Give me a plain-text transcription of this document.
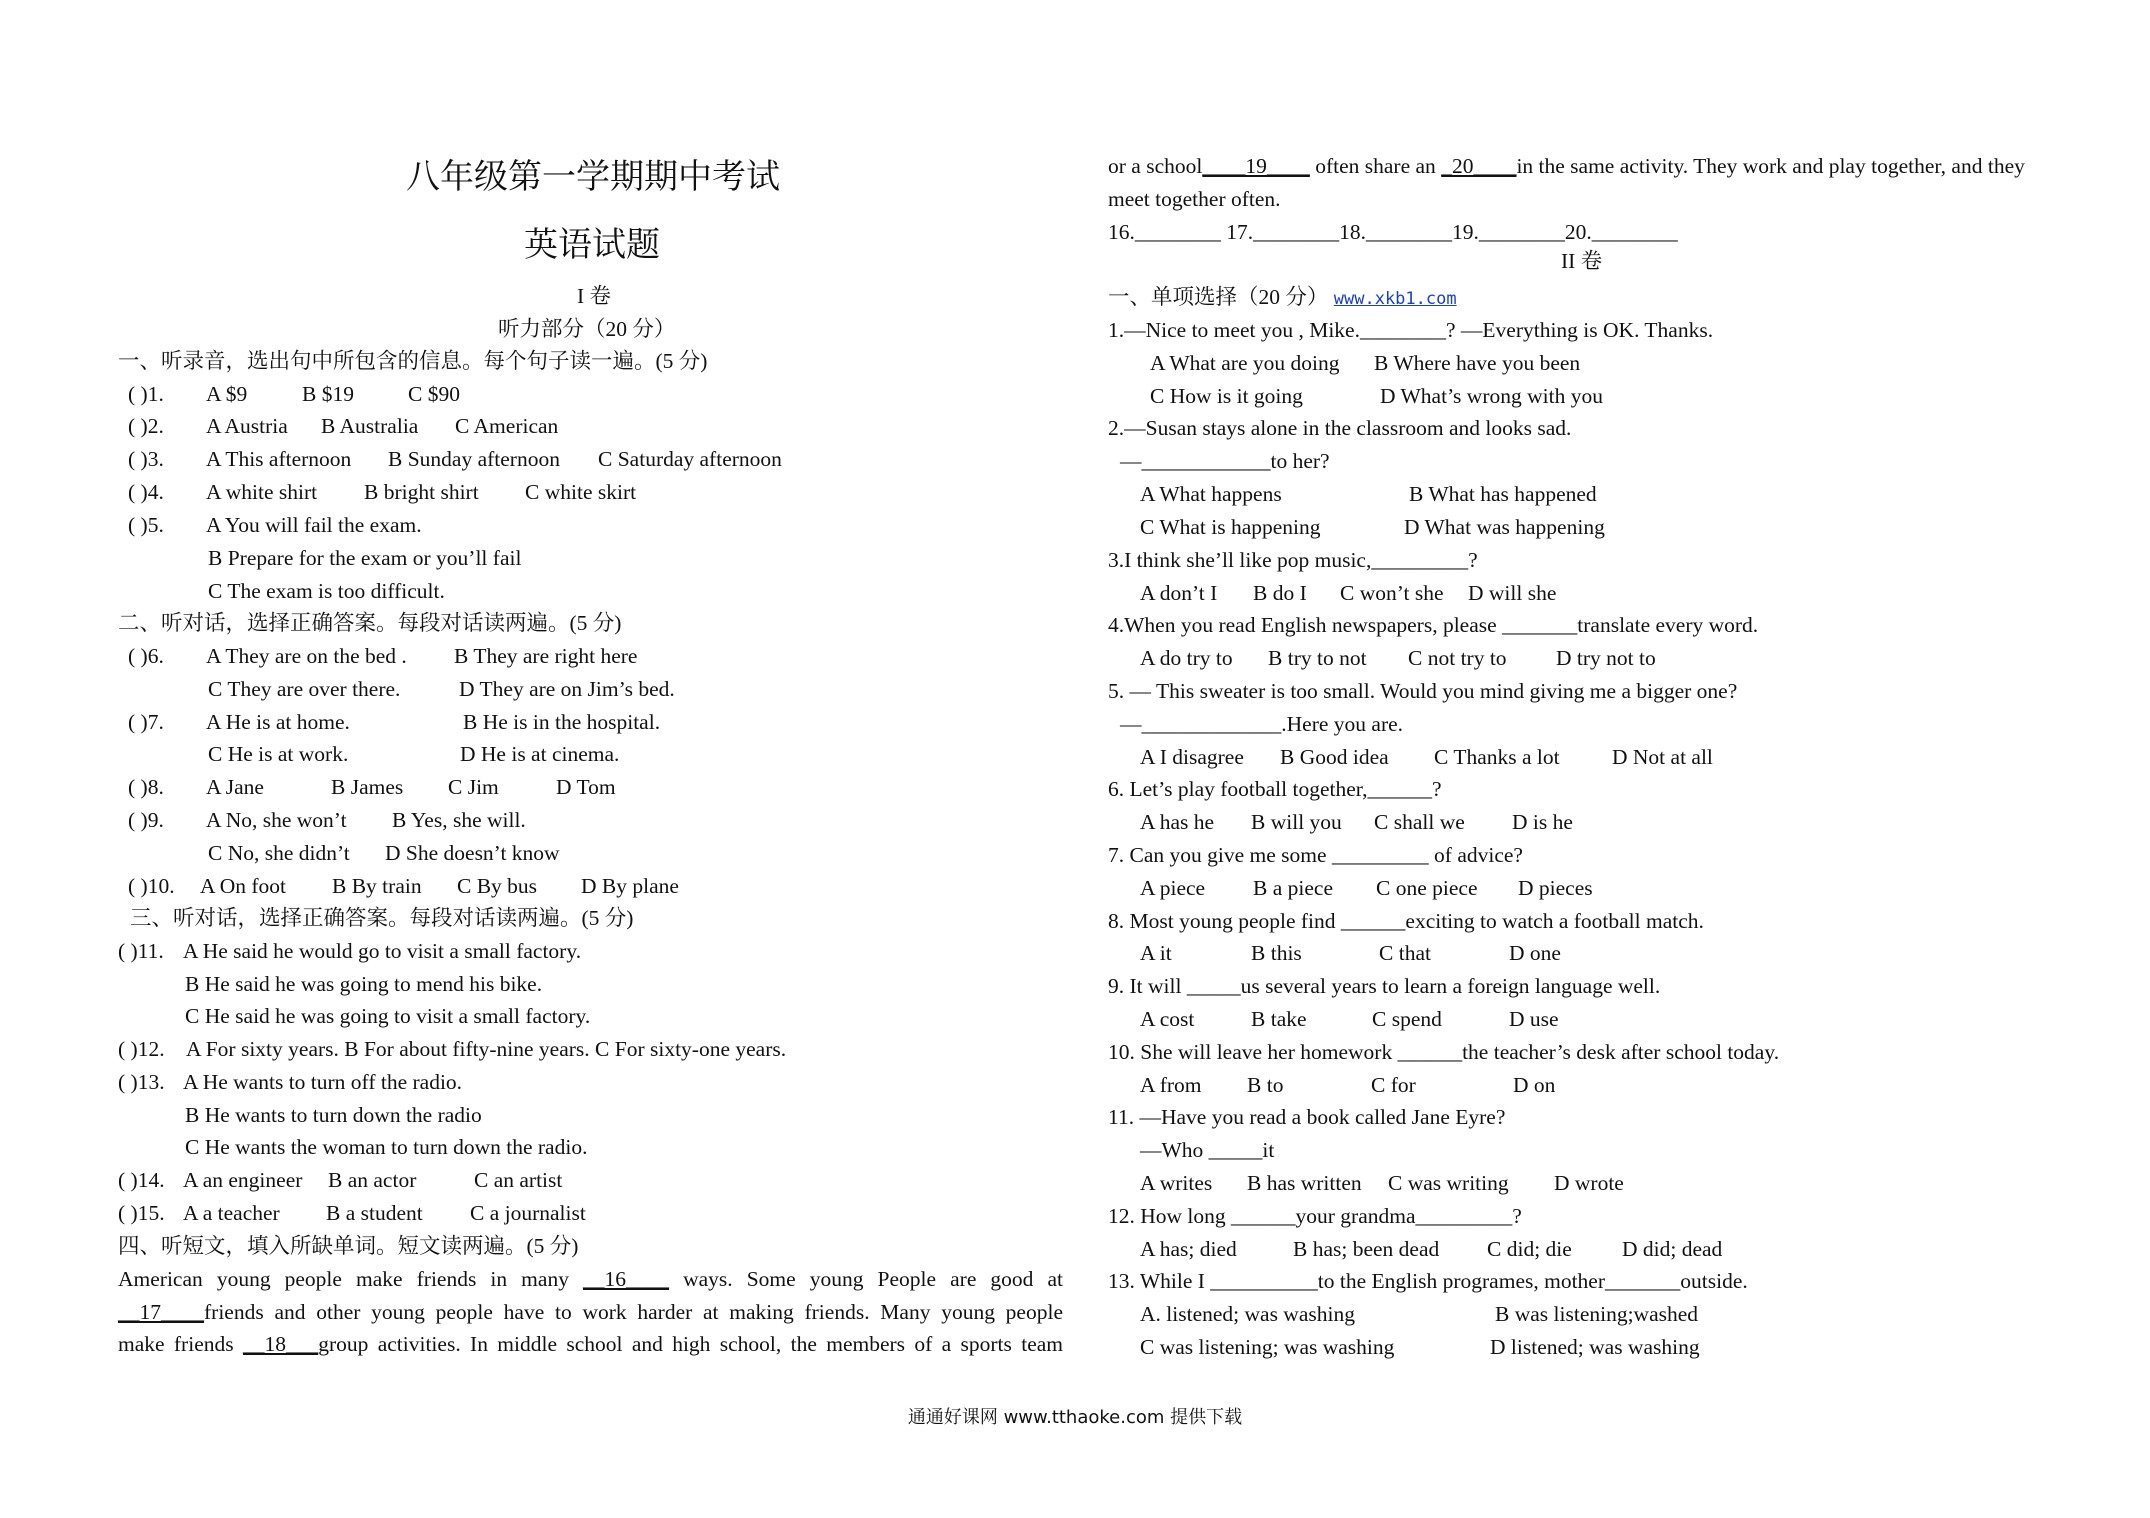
八年级第一学期期中考试
英语试题
I 卷
听力部分（20 分）
一、听录音，选出句中所包含的信息。每个句子读一遍。(5 分)
( )1. A $9	B $19	C $90
( )2. A Austria B Australia C American
( )3. A This afternoon B Sunday afternoon C Saturday afternoon
( )4. A white shirt B bright shirt C white skirt
( )5. A You will fail the exam.
B Prepare for the exam or you’ll fail
C The exam is too difficult.
二、听对话，选择正确答案。每段对话读两遍。(5 分)
( )6. A They are on the bed . B They are right here
C They are over there.	D They are on Jim’s bed.
( )7. A He is at home.	B He is in the hospital.
C He is at work.	D He is at cinema.
( )8. A Jane	B James C Jim	D Tom
( )9. A No, she won’t B Yes, she will.
C No, she didn’t D She doesn’t know
( )10. A On foot B By train C By bus D By plane
三、听对话，选择正确答案。每段对话读两遍。(5 分)
( )11. A He said he would go to visit a small factory.
B He said he was going to mend his bike.
C He said he was going to visit a small factory.
( )12. A For sixty years. B For about fifty-nine years. C For sixty-one years.
( )13. A He wants to turn off the radio.
B He wants to turn down the radio
C He wants the woman to turn down the radio.
( )14. A an engineer B an actor	C an artist
( )15. A a teacher B a student C a journalist
四、听短文，填入所缺单词。短文读两遍。(5 分)
American young people make friends in many __16____ ways. Some young People are good at
__17____friends and other young people have to work harder at making friends. Many young people
make friends __18___group activities. In middle school and high school, the members of a sports team
or a school____19____ often share an _20____in the same activity. They work and play together, and they
meet together often.
16.________ 17.________18.________19.________20.________
II 卷
一、单项选择（20 分） www.xkb1.com
1.—Nice to meet you , Mike.________? —Everything is OK. Thanks.
A What are you doing B Where have you been
C How is it going	D What’s wrong with you
2.—Susan stays alone in the classroom and looks sad.
—____________to her?
A What happens	B What has happened
C What is happening	D What was happening
3.I think she’ll like pop music,_________?
A don’t I B do I C won’t she D will she
4.When you read English newspapers, please _______translate every word.
A do try to B try to not C not try to D try not to
5. — This sweater is too small. Would you mind giving me a bigger one?
—_____________.Here you are.
A I disagree B Good idea C Thanks a lot D Not at all
6. Let’s play football together,______?
A has he B will you C shall we D is he
7. Can you give me some _________ of advice?
A piece B a piece C one piece D pieces
8. Most young people find ______exciting to watch a football match.
A it	B this	C that	D one
9. It will _____us several years to learn a foreign language well.
A cost	B take	C spend	D use
10. She will leave her homework ______the teacher’s desk after school today.
A from B to	C for	D on
11. —Have you read a book called Jane Eyre?
—Who _____it
A writes B has written C was writing D wrote
12. How long ______your grandma_________?
A has; died	B has; been dead C did; die D did; dead
13. While I __________to the English programes, mother_______outside.
A. listened; was washing	B was listening;washed
C was listening; was washing	D listened; was washing
通通好课网 www.tthaoke.com 提供下载
